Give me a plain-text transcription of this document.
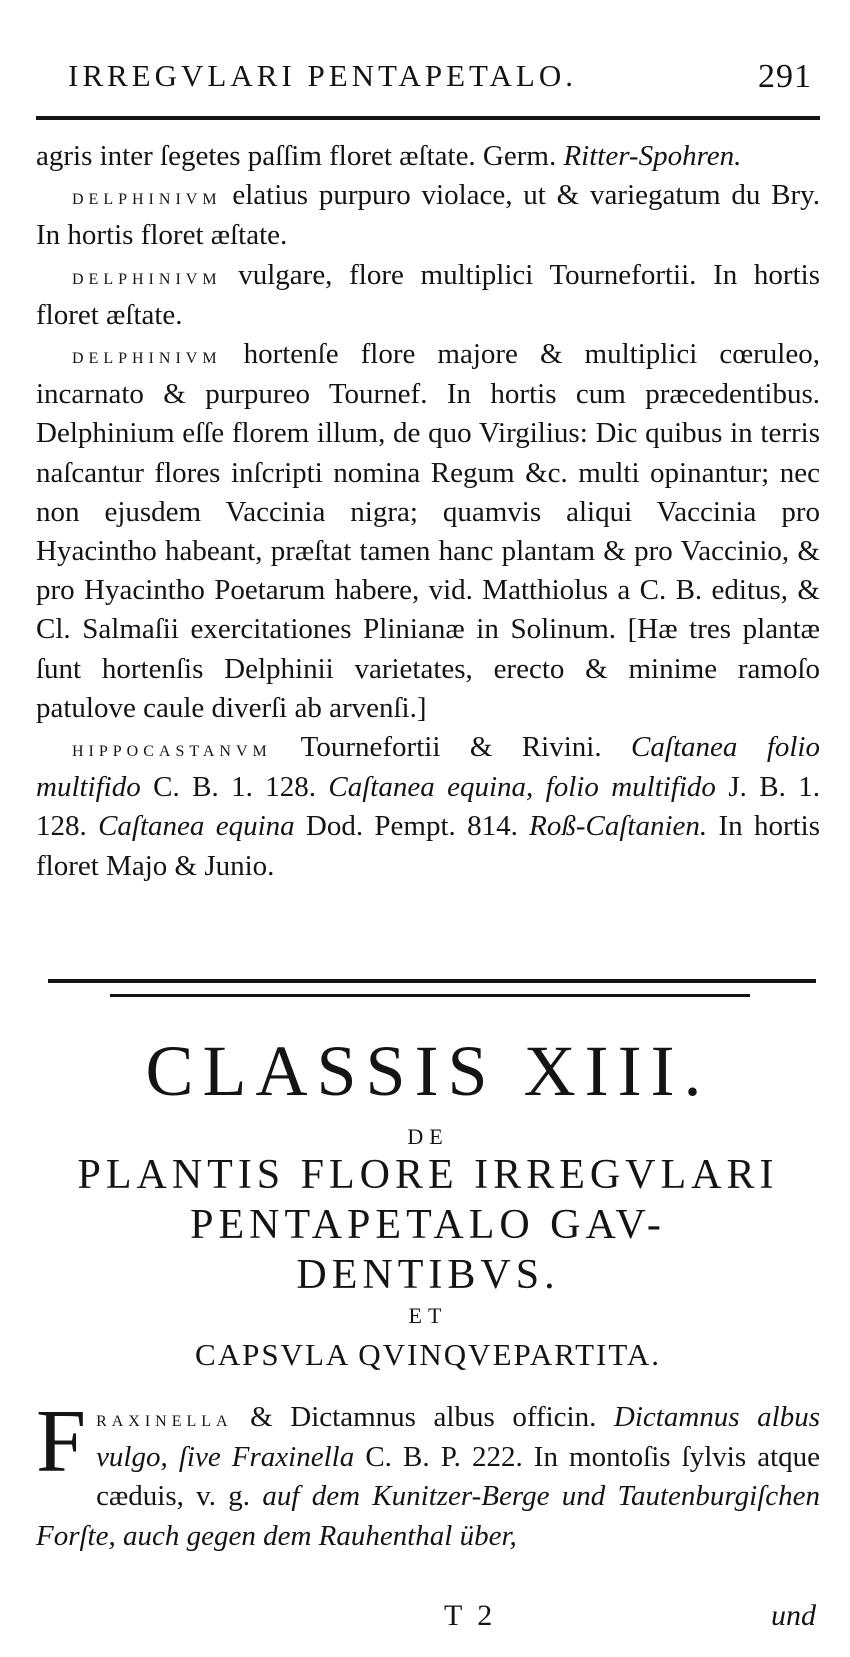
IRREGVLARI PENTAPETALO.	291

agris inter ſegetes paſſim floret æſtate. Germ. Ritter-Spohren.

delphinivm elatius purpuro violace, ut & variegatum du Bry. In hortis floret æſtate.

delphinivm vulgare, flore multiplici Tournefortii. In hortis floret æſtate.

delphinivm hortenſe flore majore & multiplici cœruleo, incarnato & purpureo Tournef. In hortis cum præcedentibus. Delphinium eſſe florem illum, de quo Virgilius: Dic quibus in terris naſcantur flores inſcripti nomina Regum &c. multi opinantur; nec non ejusdem Vaccinia nigra; quamvis aliqui Vaccinia pro Hyacintho habeant, præſtat tamen hanc plantam & pro Vaccinio, & pro Hyacintho Poetarum habere, vid. Matthiolus a C. B. editus, & Cl. Salmaſii exercitationes Plinianæ in Solinum. [Hæ tres plantæ ſunt hortenſis Delphinii varietates, erecto & minime ramoſo patulove caule diverſi ab arvenſi.]

hippocastanvm Tournefortii & Rivini. Caſtanea folio multifido C. B. 1. 128. Caſtanea equina, folio multifido J. B. 1. 128. Caſtanea equina Dod. Pempt. 814. Roß-Caſtanien. In hortis floret Majo & Junio.

CLASSIS XIII.
DE
PLANTIS FLORE IRREGVLARI
PENTAPETALO GAV-
DENTIBVS.
ET
CAPSVLA QVINQVEPARTITA.
F raxinella & Dictamnus albus officin. Dictamnus albus vulgo, ſive Fraxinella C. B. P. 222. In montoſis ſylvis atque cæduis, v. g. auf dem Kunitzer-Berge und Tautenburgiſchen Forſte, auch gegen dem Rauhenthal über,
T 2	und
